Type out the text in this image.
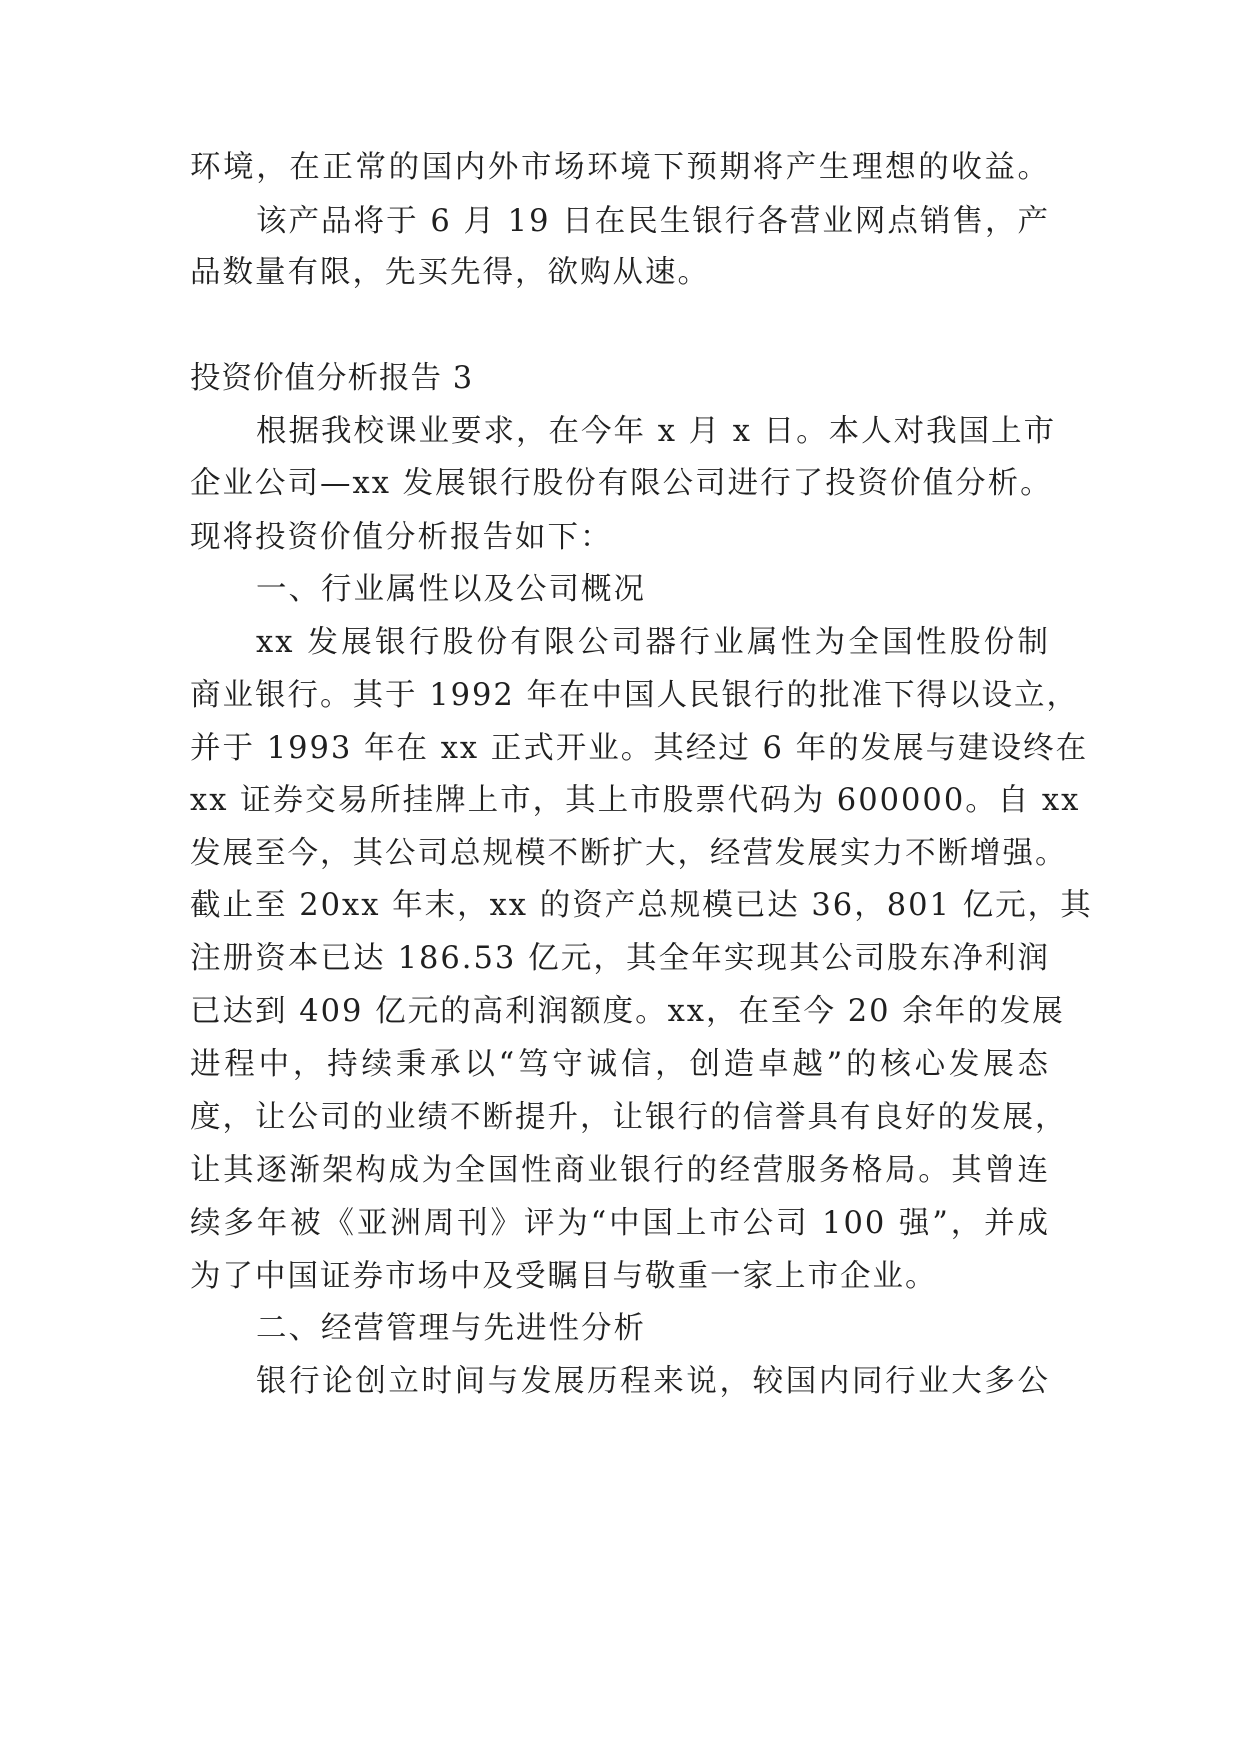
环境，在正常的国内外市场环境下预期将产生理想的收益。

该产品将于 6 月 19 日在民生银行各营业网点销售，产

品数量有限，先买先得，欲购从速。

投资价值分析报告 3

根据我校课业要求，在今年 x 月 x 日。本人对我国上市

企业公司—xx 发展银行股份有限公司进行了投资价值分析。

现将投资价值分析报告如下：

一、行业属性以及公司概况

xx 发展银行股份有限公司器行业属性为全国性股份制

商业银行。其于 1992 年在中国人民银行的批准下得以设立，

并于 1993 年在 xx 正式开业。其经过 6 年的发展与建设终在

xx 证券交易所挂牌上市，其上市股票代码为 600000。自 xx

发展至今，其公司总规模不断扩大，经营发展实力不断增强。

截止至 20xx 年末，xx 的资产总规模已达 36，801 亿元，其

注册资本已达 186.53 亿元，其全年实现其公司股东净利润

已达到 409 亿元的高利润额度。xx，在至今 20 余年的发展

进程中，持续秉承以“笃守诚信，创造卓越”的核心发展态

度，让公司的业绩不断提升，让银行的信誉具有良好的发展，

让其逐渐架构成为全国性商业银行的经营服务格局。其曾连

续多年被《亚洲周刊》评为“中国上市公司 100 强”，并成

为了中国证券市场中及受瞩目与敬重一家上市企业。

二、经营管理与先进性分析

银行论创立时间与发展历程来说，较国内同行业大多公
